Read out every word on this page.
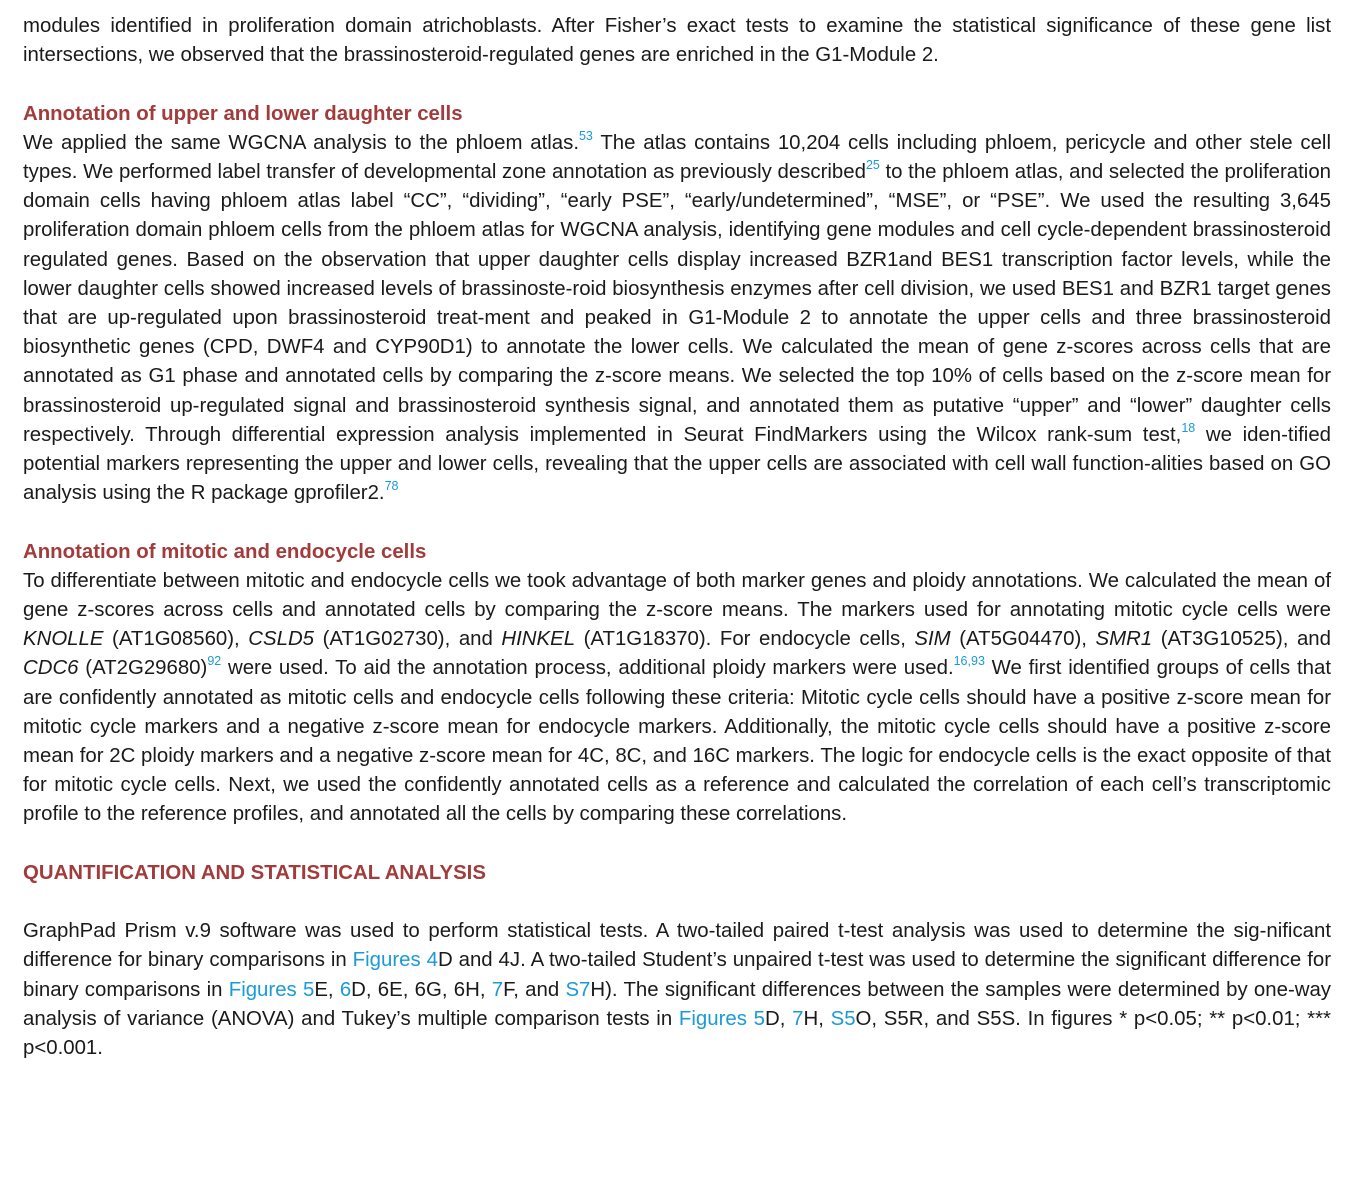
modules identified in proliferation domain atrichoblasts. After Fisher’s exact tests to examine the statistical significance of these gene list intersections, we observed that the brassinosteroid-regulated genes are enriched in the G1-Module 2.

Annotation of upper and lower daughter cells

We applied the same WGCNA analysis to the phloem atlas.$^{53}$ The atlas contains 10,204 cells including phloem, pericycle and other stele cell types. We performed label transfer of developmental zone annotation as previously described$^{25}$ to the phloem atlas, and selected the proliferation domain cells having phloem atlas label “CC”, “dividing”, “early PSE”, “early/undetermined”, “MSE”, or “PSE”. We used the resulting 3,645 proliferation domain phloem cells from the phloem atlas for WGCNA analysis, identifying gene modules and cell cycle-dependent brassinosteroid regulated genes. Based on the observation that upper daughter cells display increased BZR1and BES1 transcription factor levels, while the lower daughter cells showed increased levels of brassinoste-roid biosynthesis enzymes after cell division, we used BES1 and BZR1 target genes that are up-regulated upon brassinosteroid treat-ment and peaked in G1-Module 2 to annotate the upper cells and three brassinosteroid biosynthetic genes (CPD, DWF4 and CYP90D1) to annotate the lower cells. We calculated the mean of gene z-scores across cells that are annotated as G1 phase and annotated cells by comparing the z-score means. We selected the top 10% of cells based on the z-score mean for brassinosteroid up-regulated signal and brassinosteroid synthesis signal, and annotated them as putative “upper” and “lower” daughter cells respectively. Through differential expression analysis implemented in Seurat FindMarkers using the Wilcox rank-sum test,$^{18}$ we iden-tified potential markers representing the upper and lower cells, revealing that the upper cells are associated with cell wall function-alities based on GO analysis using the R package gprofiler2.78

Annotation of mitotic and endocycle cells

To differentiate between mitotic and endocycle cells we took advantage of both marker genes and ploidy annotations. We calculated the mean of gene z-scores across cells and annotated cells by comparing the z-score means. The markers used for annotating mitotic cycle cells were KNOLLE (AT1G08560), CSLD5 (AT1G02730), and HINKEL (AT1G18370). For endocycle cells, SIM (AT5G04470), SMR1 (AT3G10525), and CDC6 $(AT2G29680)^{92}$ were used. To aid the annotation process, additional ploidy markers were used.$^{16,93}$ We first identified groups of cells that are confidently annotated as mitotic cells and endocycle cells following these criteria: Mitotic cycle cells should have a positive z-score mean for mitotic cycle markers and a negative z-score mean for endocycle markers. Additionally, the mitotic cycle cells should have a positive z-score mean for 2C ploidy markers and a negative z-score mean for 4C, 8C, and 16C markers. The logic for endocycle cells is the exact opposite of that for mitotic cycle cells. Next, we used the confidently annotated cells as a reference and calculated the correlation of each cell’s transcriptomic profile to the reference profiles, and annotated all the cells by comparing these correlations.

QUANTIFICATION AND STATISTICAL ANALYSIS

GraphPad Prism v.9 software was used to perform statistical tests. A two-tailed paired t-test analysis was used to determine the sig-nificant difference for binary comparisons in Figures 4D and 4J. A two-tailed Student’s unpaired t-test was used to determine the significant difference for binary comparisons in Figures 5E, 6D, 6E, 6G, 6H, 7F, and S7H). The significant differences between the samples were determined by one-way analysis of variance (ANOVA) and Tukey’s multiple comparison tests in Figures 5D, 7H, S5O, S5R, and S5S. In figures * p<0.05; ** p<0.01; *** p<0.001.
